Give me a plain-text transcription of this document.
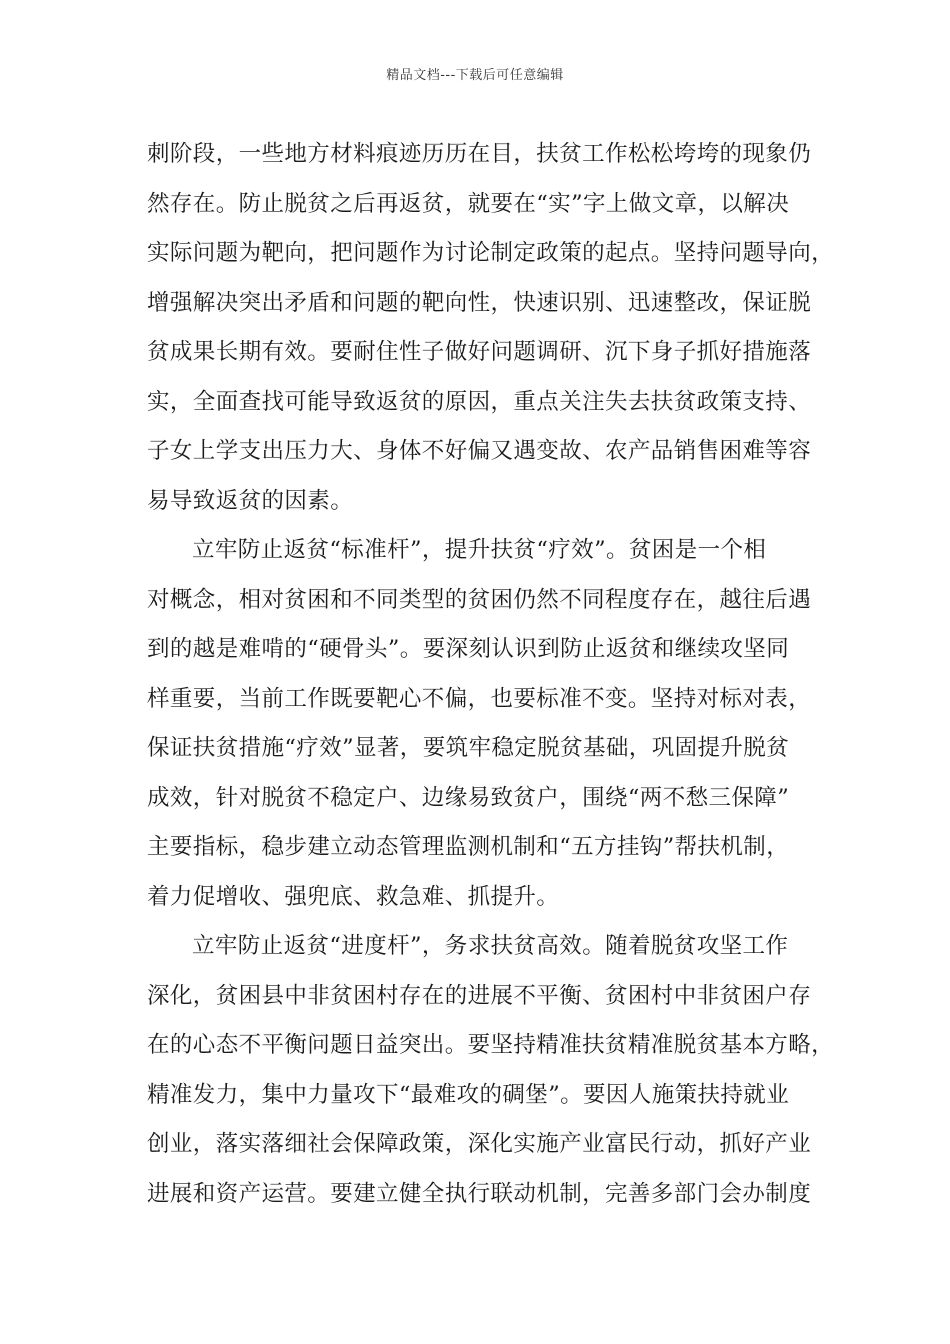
精品文档---下载后可任意编辑
刺阶段，一些地方材料痕迹历历在目，扶贫工作松松垮垮的现象仍
然存在。防止脱贫之后再返贫，就要在“实”字上做文章，以解决
实际问题为靶向，把问题作为讨论制定政策的起点。坚持问题导向，
增强解决突出矛盾和问题的靶向性，快速识别、迅速整改，保证脱
贫成果长期有效。要耐住性子做好问题调研、沉下身子抓好措施落
实，全面查找可能导致返贫的原因，重点关注失去扶贫政策支持、
子女上学支出压力大、身体不好偏又遇变故、农产品销售困难等容
易导致返贫的因素。
立牢防止返贫“标准杆”，提升扶贫“疗效”。贫困是一个相
对概念，相对贫困和不同类型的贫困仍然不同程度存在，越往后遇
到的越是难啃的“硬骨头”。要深刻认识到防止返贫和继续攻坚同
样重要，当前工作既要靶心不偏，也要标准不变。坚持对标对表，
保证扶贫措施“疗效”显著，要筑牢稳定脱贫基础，巩固提升脱贫
成效，针对脱贫不稳定户、边缘易致贫户，围绕“两不愁三保障”
主要指标，稳步建立动态管理监测机制和“五方挂钩”帮扶机制，
着力促增收、强兜底、救急难、抓提升。
立牢防止返贫“进度杆”，务求扶贫高效。随着脱贫攻坚工作
深化，贫困县中非贫困村存在的进展不平衡、贫困村中非贫困户存
在的心态不平衡问题日益突出。要坚持精准扶贫精准脱贫基本方略，
精准发力，集中力量攻下“最难攻的碉堡”。要因人施策扶持就业
创业，落实落细社会保障政策，深化实施产业富民行动，抓好产业
进展和资产运营。要建立健全执行联动机制，完善多部门会办制度
